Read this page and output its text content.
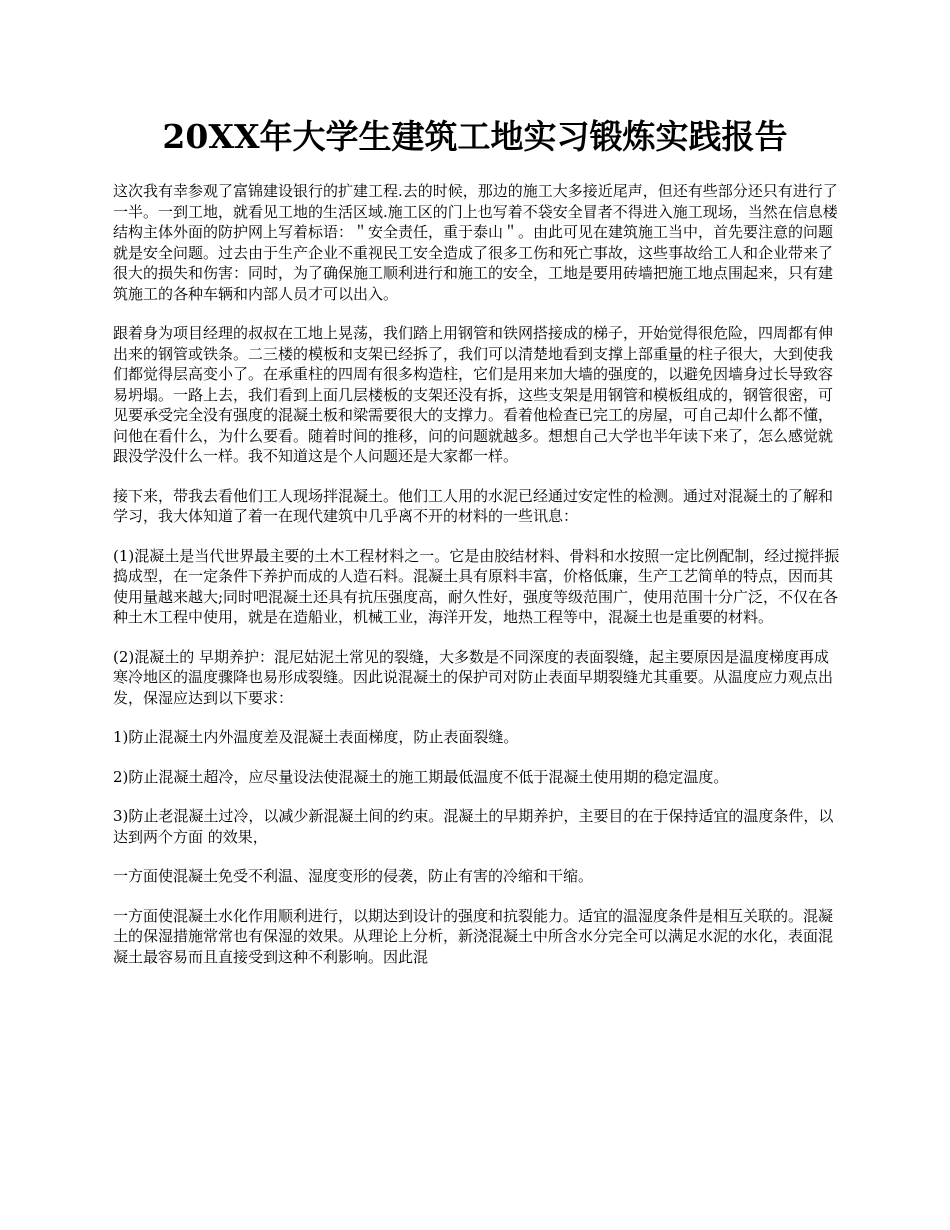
20XX年大学生建筑工地实习锻炼实践报告

这次我有幸参观了富锦建设银行的扩建工程.去的时候，那边的施工大多接近尾声，但还有些部分还只有进行了一半。一到工地，就看见工地的生活区域.施工区的门上也写着不袋安全冒者不得进入施工现场，当然在信息楼结构主体外面的防护网上写着标语：＂安全责任，重于泰山＂。由此可见在建筑施工当中，首先要注意的问题就是安全问题。过去由于生产企业不重视民工安全造成了很多工伤和死亡事故，这些事故给工人和企业带来了很大的损失和伤害：同时，为了确保施工顺利进行和施工的安全，工地是要用砖墙把施工地点围起来，只有建筑施工的各种车辆和内部人员才可以出入。

跟着身为项目经理的叔叔在工地上晃荡，我们踏上用钢管和铁网搭接成的梯子，开始觉得很危险，四周都有伸出来的钢管或铁条。二三楼的模板和支架已经拆了，我们可以清楚地看到支撑上部重量的柱子很大，大到使我们都觉得层高变小了。在承重柱的四周有很多构造柱，它们是用来加大墙的强度的，以避免因墙身过长导致容易坍塌。一路上去，我们看到上面几层楼板的支架还没有拆，这些支架是用钢管和模板组成的，钢管很密，可见要承受完全没有强度的混凝土板和梁需要很大的支撑力。看着他检查已完工的房屋，可自己却什么都不懂，问他在看什么，为什么要看。随着时间的推移，问的问题就越多。想想自己大学也半年读下来了，怎么感觉就跟没学没什么一样。我不知道这是个人问题还是大家都一样。

接下来，带我去看他们工人现场拌混凝土。他们工人用的水泥已经通过安定性的检测。通过对混凝土的了解和学习，我大体知道了着一在现代建筑中几乎离不开的材料的一些讯息：

(1)混凝土是当代世界最主要的土木工程材料之一。它是由胶结材料、骨料和水按照一定比例配制，经过搅拌振捣成型，在一定条件下养护而成的人造石料。混凝土具有原料丰富，价格低廉，生产工艺简单的特点，因而其使用量越来越大;同时吧混凝土还具有抗压强度高，耐久性好，强度等级范围广，使用范围十分广泛，不仅在各种土木工程中使用，就是在造船业，机械工业，海洋开发，地热工程等中，混凝土也是重要的材料。

(2)混凝土的 早期养护：混尼姑泥土常见的裂缝，大多数是不同深度的表面裂缝，起主要原因是温度梯度再成寒冷地区的温度骤降也易形成裂缝。因此说混凝土的保护司对防止表面早期裂缝尤其重要。从温度应力观点出发，保湿应达到以下要求：

1)防止混凝土内外温度差及混凝土表面梯度，防止表面裂缝。

2)防止混凝土超冷，应尽量设法使混凝土的施工期最低温度不低于混凝土使用期的稳定温度。

3)防止老混凝土过冷，以减少新混凝土间的约束。混凝土的早期养护，主要目的在于保持适宜的温度条件，以达到两个方面 的效果，

一方面使混凝土免受不利温、湿度变形的侵袭，防止有害的冷缩和干缩。

一方面使混凝土水化作用顺利进行，以期达到设计的强度和抗裂能力。适宜的温湿度条件是相互关联的。混凝土的保湿措施常常也有保湿的效果。从理论上分析，新浇混凝土中所含水分完全可以满足水泥的水化，表面混凝土最容易而且直接受到这种不利影响。因此混
